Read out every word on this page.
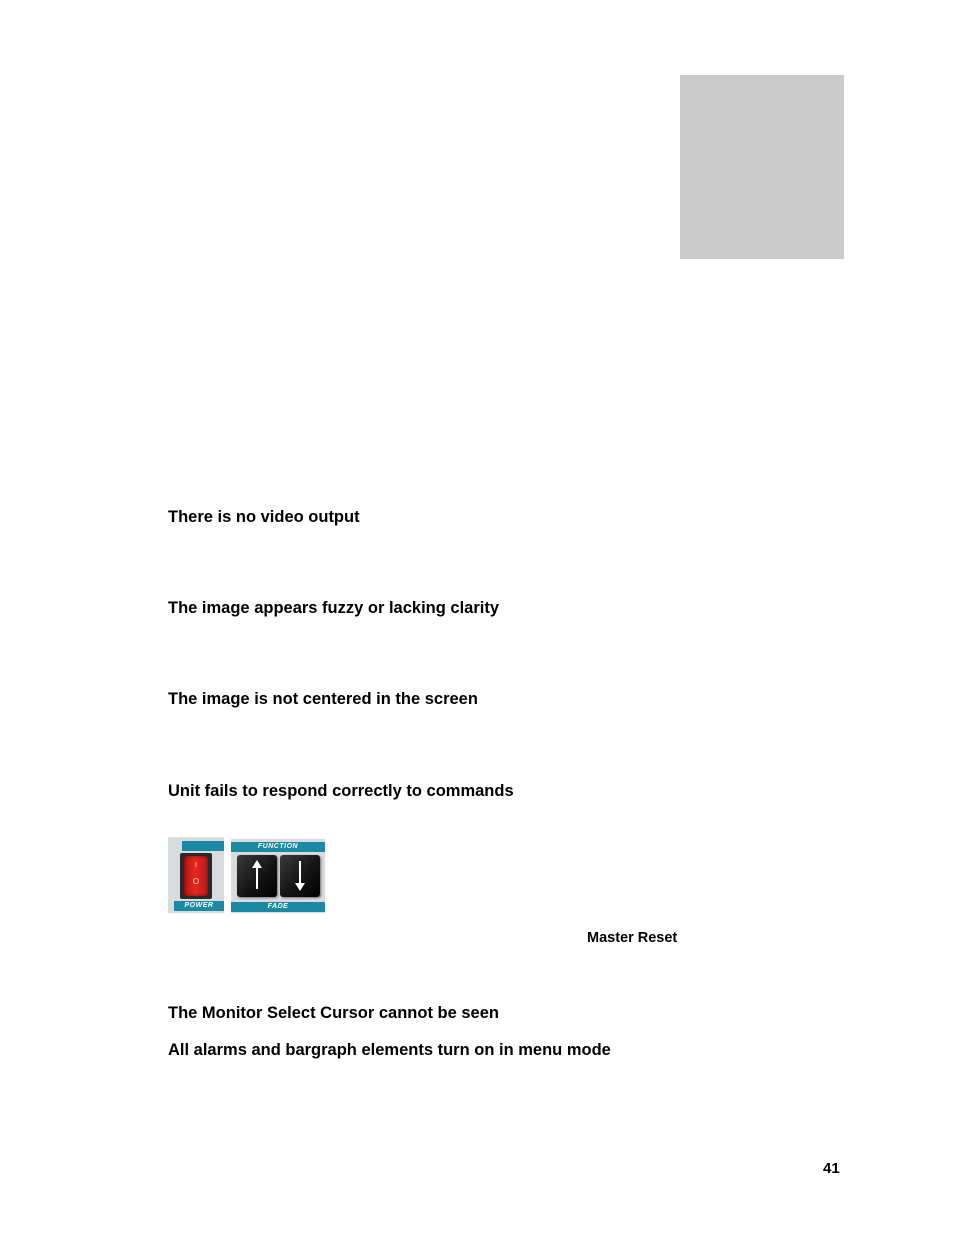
There is no video output
The image appears fuzzy or lacking clarity
The image is not centered in the screen
Unit fails to respond correctly to commands
I
O
POWER
FUNCTION
FADE
Master Reset
The Monitor Select Cursor cannot be seen
All alarms and bargraph elements turn on in menu mode
41
